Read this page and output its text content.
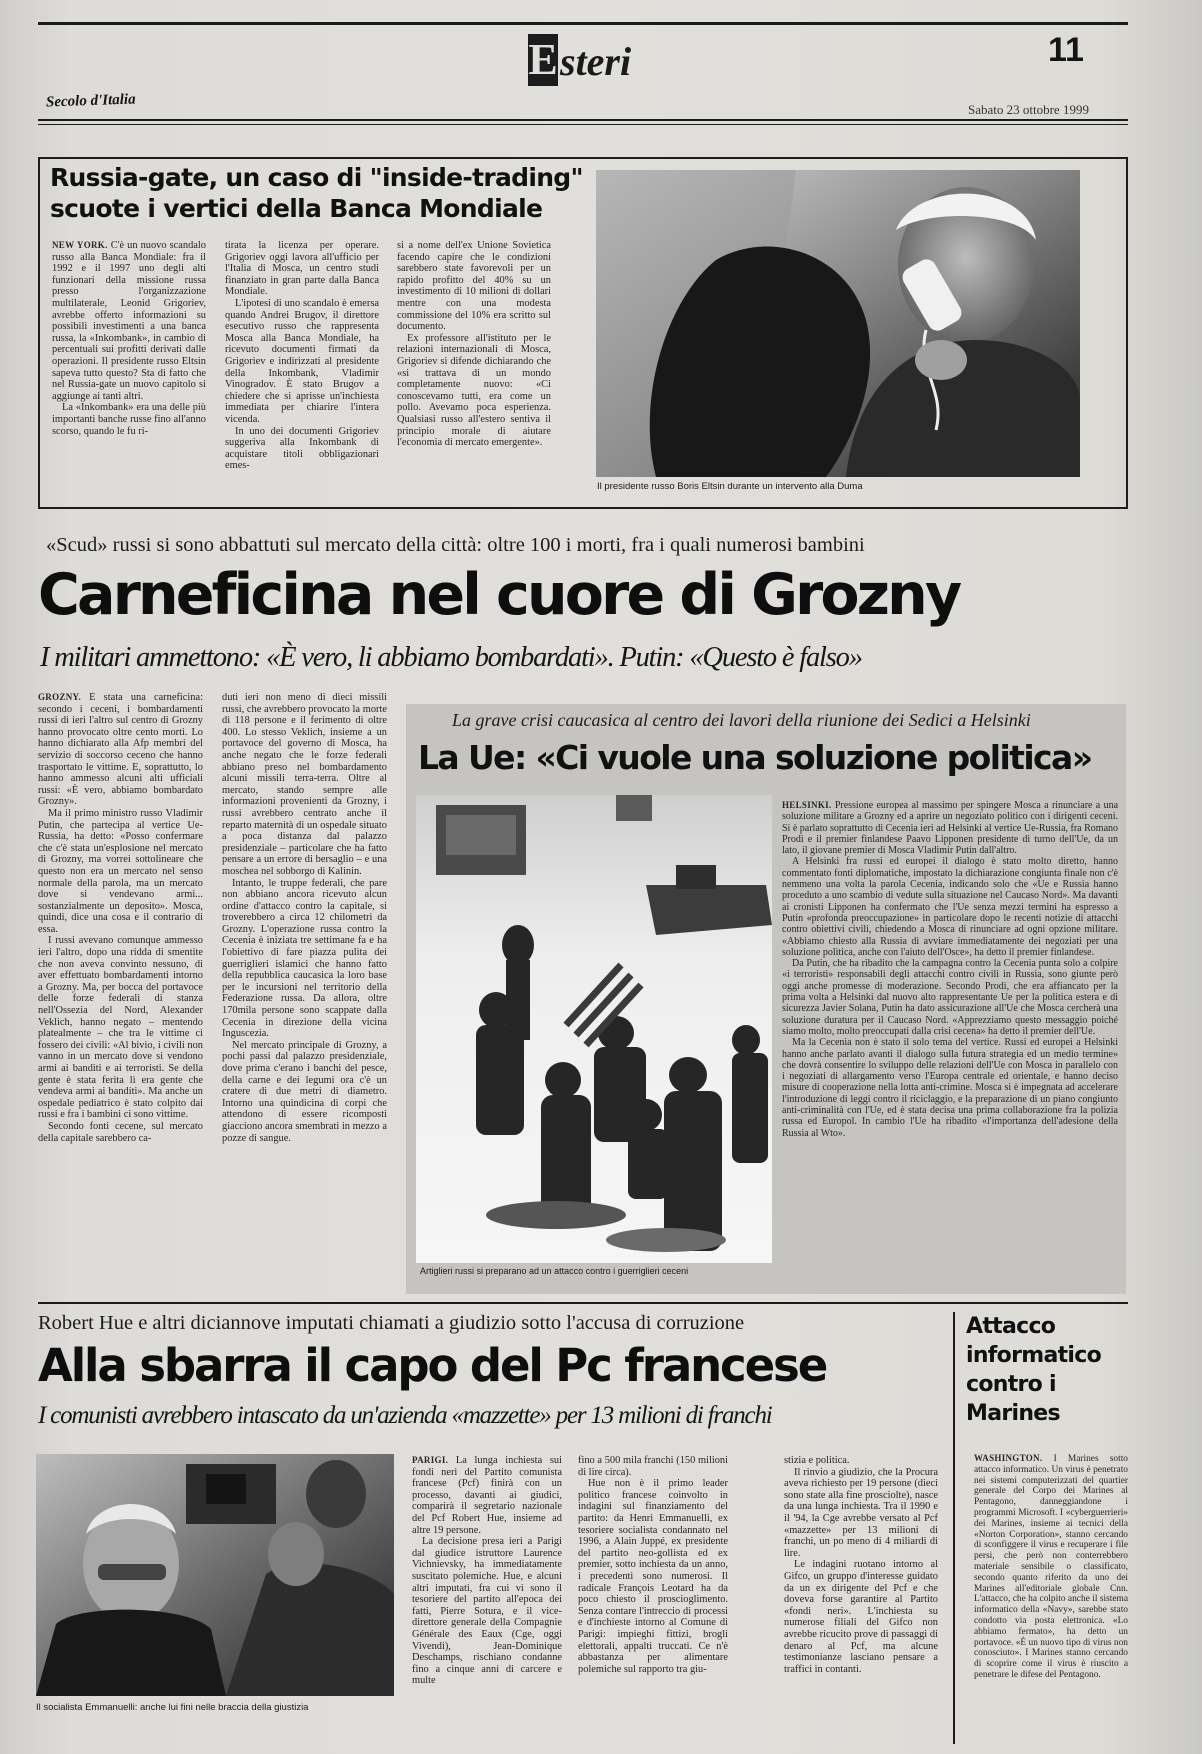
E steri	11
Secolo d'Italia	Sabato 23 ottobre 1999
Russia-gate, un caso di "inside-trading"
scuote i vertici della Banca Mondiale

NEW YORK. C'è un nuovo scandalo russo alla Banca Mondiale: fra il 1992 e il 1997 uno degli alti funzionari della missione russa presso l'organizzazione multilaterale, Leonid Grigoriev, avrebbe offerto informazioni su possibili investimenti a una banca russa, la «Inkombank», in cambio di percentuali sui profitti derivati dalle operazioni. Il presidente russo Eltsin sapeva tutto questo? Sta di fatto che nel Russia-gate un nuovo capitolo si aggiunge ai tanti altri.

La «Inkombank» era una delle più importanti banche russe fino all'anno scorso, quando le fu ri-

tirata la licenza per operare. Grigoriev oggi lavora all'ufficio per l'Italia di Mosca, un centro studi finanziato in gran parte dalla Banca Mondiale.

L'ipotesi di uno scandalo è emersa quando Andrei Brugov, il direttore esecutivo russo che rappresenta Mosca alla Banca Mondiale, ha ricevuto documenti firmati da Grigoriev e indirizzati al presidente della Inkombank, Vladimir Vinogradov. È stato Brugov a chiedere che si aprisse un'inchiesta immediata per chiarire l'intera vicenda.

In uno dei documenti Grigoriev suggeriva alla Inkombank di acquistare titoli obbligazionari emes-

si a nome dell'ex Unione Sovietica facendo capire che le condizioni sarebbero state favorevoli per un rapido profitto del 40% su un investimento di 10 milioni di dollari mentre con una modesta commissione del 10% era scritto sul documento.

Ex professore all'istituto per le relazioni internazionali di Mosca, Grigoriev si difende dichiarando che «si trattava di un mondo completamente nuovo: «Ci conoscevamo tutti, era come un pollo. Avevamo poca esperienza. Qualsiasi russo all'estero sentiva il principio morale di aiutare l'economia di mercato emergente».

Il presidente russo Boris Eltsin durante un intervento alla Duma
«Scud» russi si sono abbattuti sul mercato della città: oltre 100 i morti, fra i quali numerosi bambini
Carneficina nel cuore di Grozny
I militari ammettono: «È vero, li abbiamo bombardati». Putin: «Questo è falso»

GROZNY. È stata una carneficina: secondo i ceceni, i bombardamenti russi di ieri l'altro sul centro di Grozny hanno provocato oltre cento morti. Lo hanno dichiarato alla Afp membri del servizio di soccorso ceceno che hanno trasportato le vittime. E, soprattutto, lo hanno ammesso alcuni alti ufficiali russi: «È vero, abbiamo bombardato Grozny».

Ma il primo ministro russo Vladimir Putin, che partecipa al vertice Ue-Russia, ha detto: «Posso confermare che c'è stata un'esplosione nel mercato di Grozny, ma vorrei sottolineare che questo non era un mercato nel senso normale della parola, ma un mercato dove si vendevano armi... sostanzialmente un deposito». Mosca, quindi, dice una cosa e il contrario di essa.

I russi avevano comunque ammesso ieri l'altro, dopo una ridda di smentite che non aveva convinto nessuno, di aver effettuato bombardamenti intorno a Grozny. Ma, per bocca del portavoce delle forze federali di stanza nell'Ossezia del Nord, Alexander Veklich, hanno negato – mentendo platealmente – che tra le vittime ci fossero dei civili: «Al bivio, i civili non vanno in un mercato dove si vendono armi ai banditi e ai terroristi. Se della gente è stata ferita lì era gente che vendeva armi ai banditi». Ma anche un ospedale pediatrico è stato colpito dai russi e fra i bambini ci sono vittime.

Secondo fonti cecene, sul mercato della capitale sarebbero ca-

duti ieri non meno di dieci missili russi, che avrebbero provocato la morte di 118 persone e il ferimento di oltre 400. Lo stesso Veklich, insieme a un portavoce del governo di Mosca, ha anche negato che le forze federali abbiano preso nel bombardamento alcuni missili terra-terra. Oltre al mercato, stando sempre alle informazioni provenienti da Grozny, i russi avrebbero centrato anche il reparto maternità di un ospedale situato a poca distanza dal palazzo presidenziale – particolare che ha fatto pensare a un errore di bersaglio – e una moschea nel sobborgo di Kalinin.

Intanto, le truppe federali, che pare non abbiano ancora ricevuto alcun ordine d'attacco contro la capitale, si troverebbero a circa 12 chilometri da Grozny. L'operazione russa contro la Cecenia è iniziata tre settimane fa e ha l'obiettivo di fare piazza pulita dei guerriglieri islamici che hanno fatto della repubblica caucasica la loro base per le incursioni nel territorio della Federazione russa. Da allora, oltre 170mila persone sono scappate dalla Cecenia in direzione della vicina Inguscezia.

Nel mercato principale di Grozny, a pochi passi dal palazzo presidenziale, dove prima c'erano i banchi del pesce, della carne e dei legumi ora c'è un cratere di due metri di diametro. Intorno una quindicina di corpi che attendono di essere ricomposti giacciono ancora smembrati in mezzo a pozze di sangue.

La grave crisi caucasica al centro dei lavori della riunione dei Sedici a Helsinki
La Ue: «Ci vuole una soluzione politica»
Artiglieri russi si preparano ad un attacco contro i guerriglieri ceceni

HELSINKI. Pressione europea al massimo per spingere Mosca a rinunciare a una soluzione militare a Grozny ed a aprire un negoziato politico con i dirigenti ceceni. Si è parlato soprattutto di Cecenia ieri ad Helsinki al vertice Ue-Russia, fra Romano Prodi e il premier finlandese Paavo Lipponen presidente di turno dell'Ue, da un lato, il giovane premier di Mosca Vladimir Putin dall'altro.

A Helsinki fra russi ed europei il dialogo è stato molto diretto, hanno commentato fonti diplomatiche, impostato la dichiarazione congiunta finale non c'è nemmeno una volta la parola Cecenia, indicando solo che «Ue e Russia hanno proceduto a uno scambio di vedute sulla situazione nel Caucaso Nord». Ma davanti ai cronisti Lipponen ha confermato che l'Ue senza mezzi termini ha espresso a Putin «profonda preoccupazione» in particolare dopo le recenti notizie di attacchi contro obiettivi civili, chiedendo a Mosca di rinunciare ad ogni opzione militare. «Abbiamo chiesto alla Russia di avviare immediatamente dei negoziati per una soluzione politica, anche con l'aiuto dell'Osce», ha detto il premier finlandese.

Da Putin, che ha ribadito che la campagna contro la Cecenia punta solo a colpire «i terroristi» responsabili degli attacchi contro civili in Russia, sono giunte però oggi anche promesse di moderazione. Secondo Prodi, che era affiancato per la prima volta a Helsinki dal nuovo alto rappresentante Ue per la politica estera e di sicurezza Javier Solana, Putin ha dato assicurazione all'Ue che Mosca cercherà una soluzione duratura per il Caucaso Nord. «Apprezziamo questo messaggio poiché siamo molto, molto preoccupati dalla crisi cecena» ha detto il premier dell'Ue.

Ma la Cecenia non è stato il solo tema del vertice. Russi ed europei a Helsinki hanno anche parlato avanti il dialogo sulla futura strategia ed un medio termine» che dovrà consentire lo sviluppo delle relazioni dell'Ue con Mosca in parallelo con i negoziati di allargamento verso l'Europa centrale ed orientale, e hanno deciso misure di cooperazione nella lotta anti-crimine. Mosca si è impegnata ad accelerare l'introduzione di leggi contro il riciclaggio, e la preparazione di un piano congiunto anti-criminalità con l'Ue, ed è stata decisa una prima collaborazione fra la polizia russa ed Europol. In cambio l'Ue ha ribadito «l'importanza dell'adesione della Russia al Wto».

Robert Hue e altri diciannove imputati chiamati a giudizio sotto l'accusa di corruzione
Alla sbarra il capo del Pc francese
I comunisti avrebbero intascato da un'azienda «mazzette» per 13 milioni di franchi
Il socialista Emmanuelli: anche lui fini nelle braccia della giustizia

PARIGI. La lunga inchiesta sui fondi neri del Partito comunista francese (Pcf) finirà con un processo, davanti ai giudici, comparirà il segretario nazionale del Pcf Robert Hue, insieme ad altre 19 persone.

La decisione presa ieri a Parigi dal giudice istruttore Laurence Vichnievsky, ha immediatamente suscitato polemiche. Hue, e alcuni altri imputati, fra cui vi sono il tesoriere del partito all'epoca dei fatti, Pierre Sotura, e il vice-direttore generale della Compagnie Générale des Eaux (Cge, oggi Vivendi), Jean-Dominique Deschamps, rischiano condanne fino a cinque anni di carcere e multe

fino a 500 mila franchi (150 milioni di lire circa).

Hue non è il primo leader politico francese coinvolto in indagini sul finanziamento del partito: da Henri Emmanuelli, ex tesoriere socialista condannato nel 1996, a Alain Juppé, ex presidente del partito neo-gollista ed ex premier, sotto inchiesta da un anno, i precedenti sono numerosi. Il radicale François Leotard ha da poco chiesto il proscioglimento. Senza contare l'intreccio di processi e d'inchieste intorno al Comune di Parigi: impieghi fittizi, brogli elettorali, appalti truccati. Ce n'è abbastanza per alimentare polemiche sul rapporto tra giu-

stizia e politica.

Il rinvio a giudizio, che la Procura aveva richiesto per 19 persone (dieci sono state alla fine prosciolte), nasce da una lunga inchiesta. Tra il 1990 e il '94, la Cge avrebbe versato al Pcf «mazzette» per 13 milioni di franchi, un po meno di 4 miliardi di lire.

Le indagini ruotano intorno al Gifco, un gruppo d'interesse guidato da un ex dirigente del Pcf e che doveva forse garantire al Partito «fondi neri». L'inchiesta su numerose filiali del Gifco non avrebbe ricucito prove di passaggi di denaro al Pcf, ma alcune testimonianze lasciano pensare a traffici in contanti.

Attacco informatico contro i Marines

WASHINGTON. I Marines sotto attacco informatico. Un virus è penetrato nei sistemi computerizzati del quartier generale del Corpo dei Marines al Pentagono, danneggiandone i programmi Microsoft. I «cyberguerrieri» dei Marines, insieme ai tecnici della «Norton Corporation», stanno cercando di sconfiggere il virus e recuperare i file persi, che però non conterrebbero materiale sensibile o classificato, secondo quanto riferito da uno dei Marines all'editoriale globale Cnn. L'attacco, che ha colpito anche il sistema informatico della «Navy», sarebbe stato condotto via posta elettronica. «Lo abbiamo fermato», ha detto un portavoce. «È un nuovo tipo di virus non conosciuto». I Marines stanno cercando di scoprire come il virus è riuscito a penetrare le difese del Pentagono.
